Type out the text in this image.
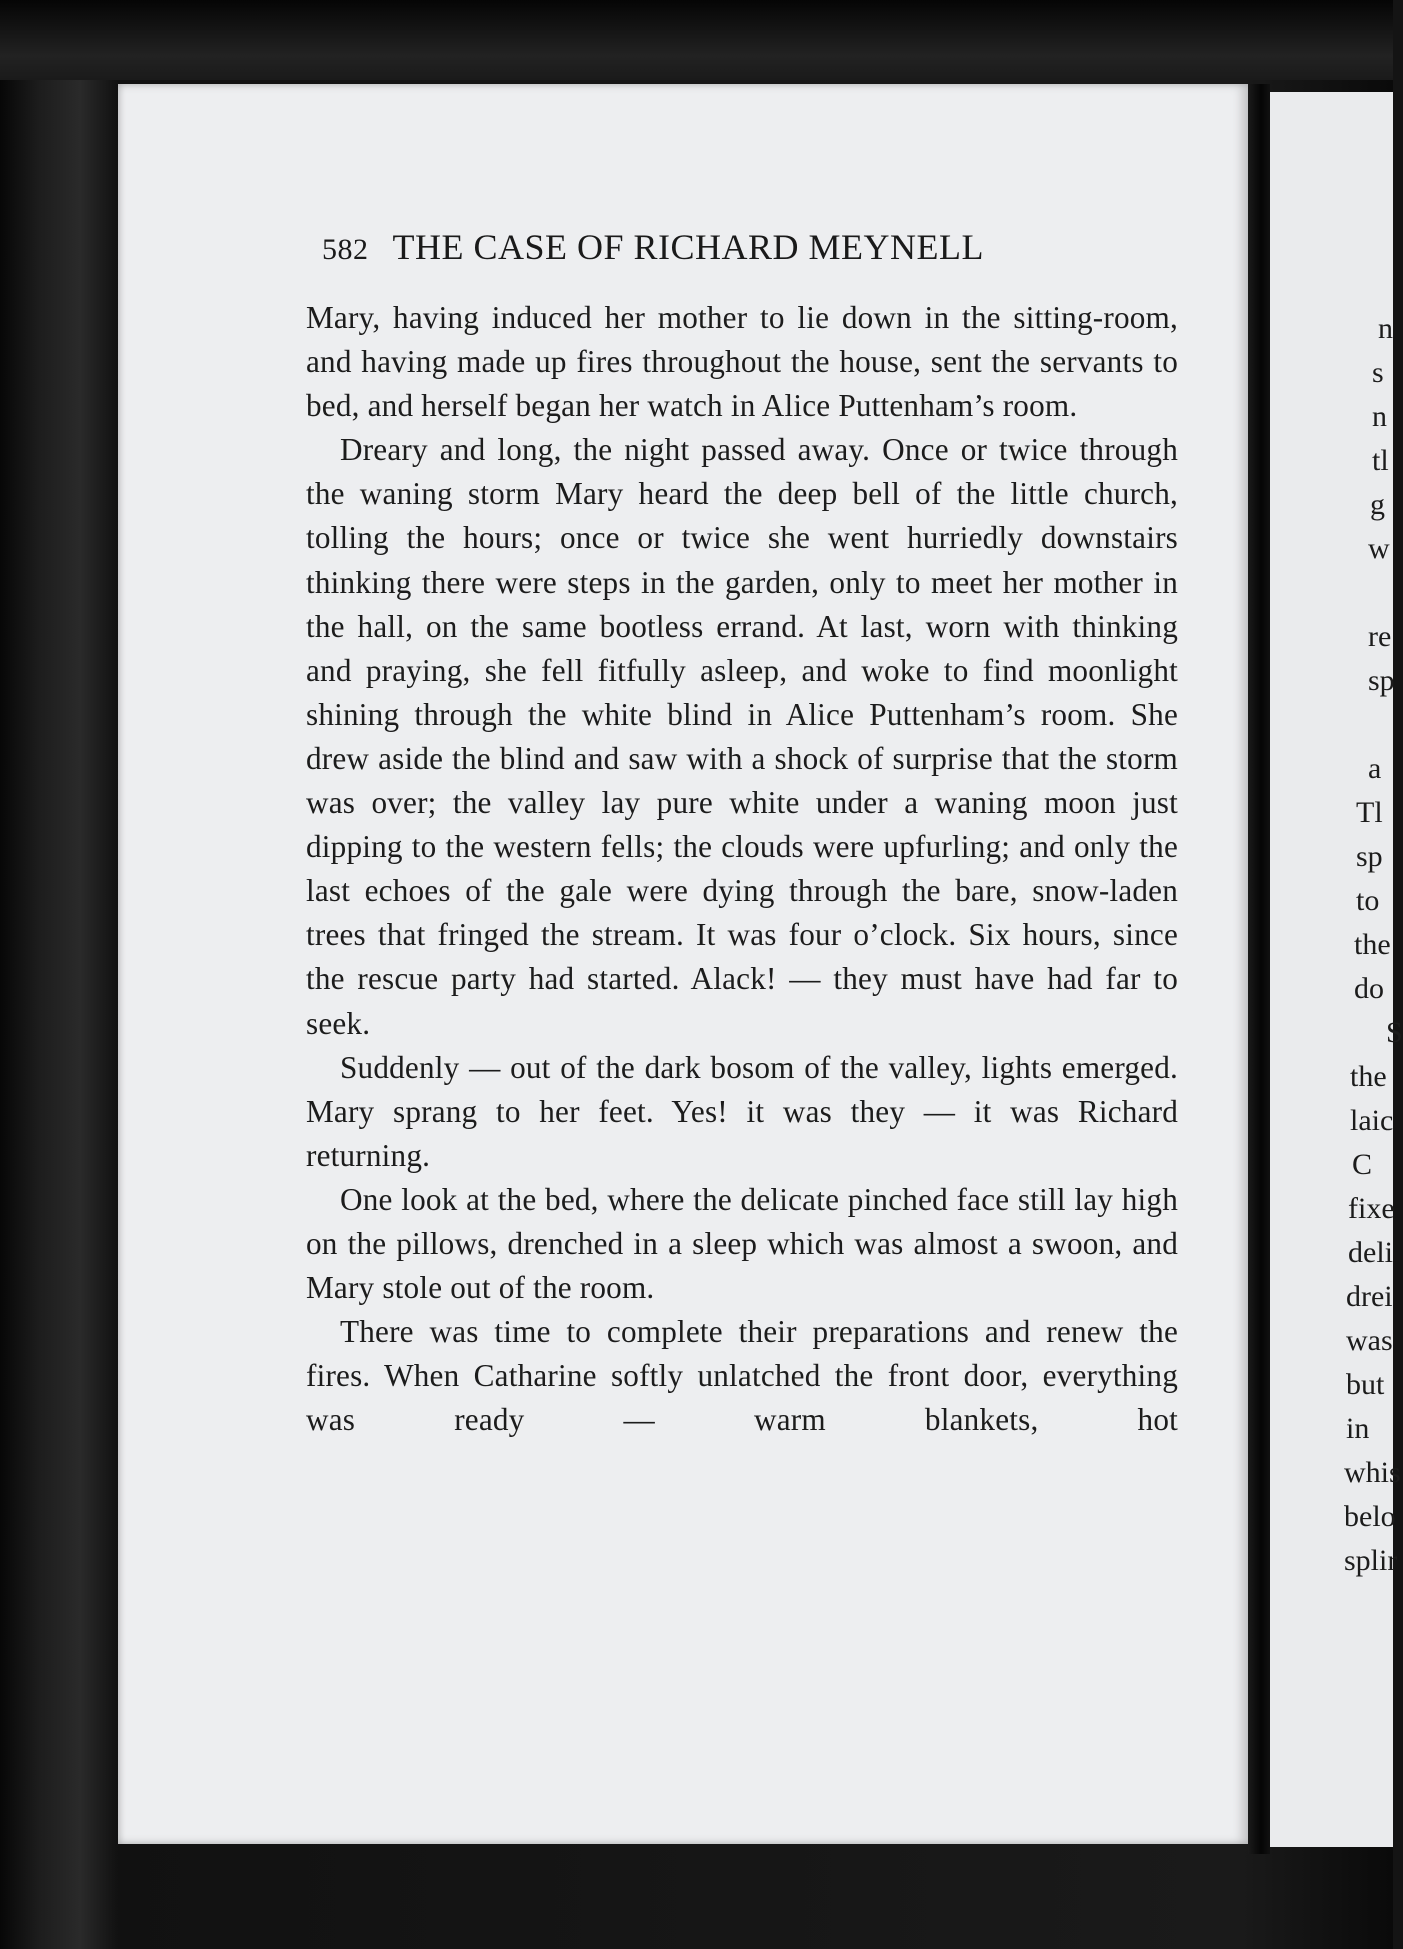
582 THE CASE OF RICHARD MEYNELL

Mary, having induced her mother to lie down in the sitting-room, and having made up fires throughout the house, sent the servants to bed, and herself began her watch in Alice Puttenham’s room.

Dreary and long, the night passed away. Once or twice through the waning storm Mary heard the deep bell of the little church, tolling the hours; once or twice she went hurriedly downstairs thinking there were steps in the garden, only to meet her mother in the hall, on the same bootless errand. At last, worn with thinking and praying, she fell fitfully asleep, and woke to find moonlight shining through the white blind in Alice Puttenham’s room. She drew aside the blind and saw with a shock of surprise that the storm was over; the valley lay pure white under a waning moon just dipping to the western fells; the clouds were upfurling; and only the last echoes of the gale were dying through the bare, snow-laden trees that fringed the stream. It was four o’clock. Six hours, since the rescue party had started. Alack! — they must have had far to seek.

Suddenly — out of the dark bosom of the valley, lights emerged. Mary sprang to her feet. Yes! it was they — it was Richard returning.

One look at the bed, where the delicate pinched face still lay high on the pillows, drenched in a sleep which was almost a swoon, and Mary stole out of the room.

There was time to complete their preparations and renew the fires. When Catharine softly unlatched the front door, everything was ready — warm blankets, hot

n
s
n
tl
g
w
re
sp
a
Tl
sp
to
the
do
S
the
laic
C
fixe
deli
drei
was
but
in
whis
belo
splir
